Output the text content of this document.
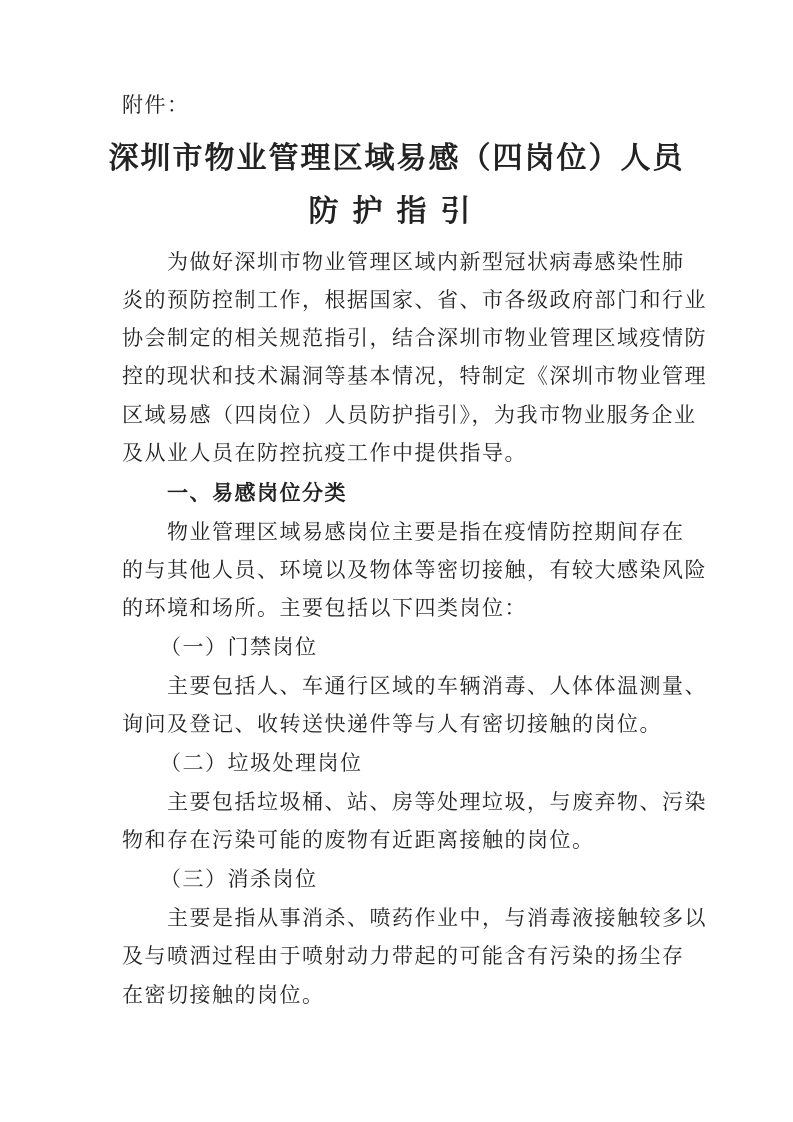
附件：
深圳市物业管理区域易感（四岗位）人员
防护指引
为做好深圳市物业管理区域内新型冠状病毒感染性肺
炎的预防控制工作，根据国家、省、市各级政府部门和行业
协会制定的相关规范指引，结合深圳市物业管理区域疫情防
控的现状和技术漏洞等基本情况，特制定《深圳市物业管理
区域易感（四岗位）人员防护指引》，为我市物业服务企业
及从业人员在防控抗疫工作中提供指导。
一、易感岗位分类
物业管理区域易感岗位主要是指在疫情防控期间存在
的与其他人员、环境以及物体等密切接触，有较大感染风险
的环境和场所。主要包括以下四类岗位：
（一）门禁岗位
主要包括人、车通行区域的车辆消毒、人体体温测量、
询问及登记、收转送快递件等与人有密切接触的岗位。
（二）垃圾处理岗位
主要包括垃圾桶、站、房等处理垃圾，与废弃物、污染
物和存在污染可能的废物有近距离接触的岗位。
（三）消杀岗位
主要是指从事消杀、喷药作业中，与消毒液接触较多以
及与喷洒过程由于喷射动力带起的可能含有污染的扬尘存
在密切接触的岗位。
